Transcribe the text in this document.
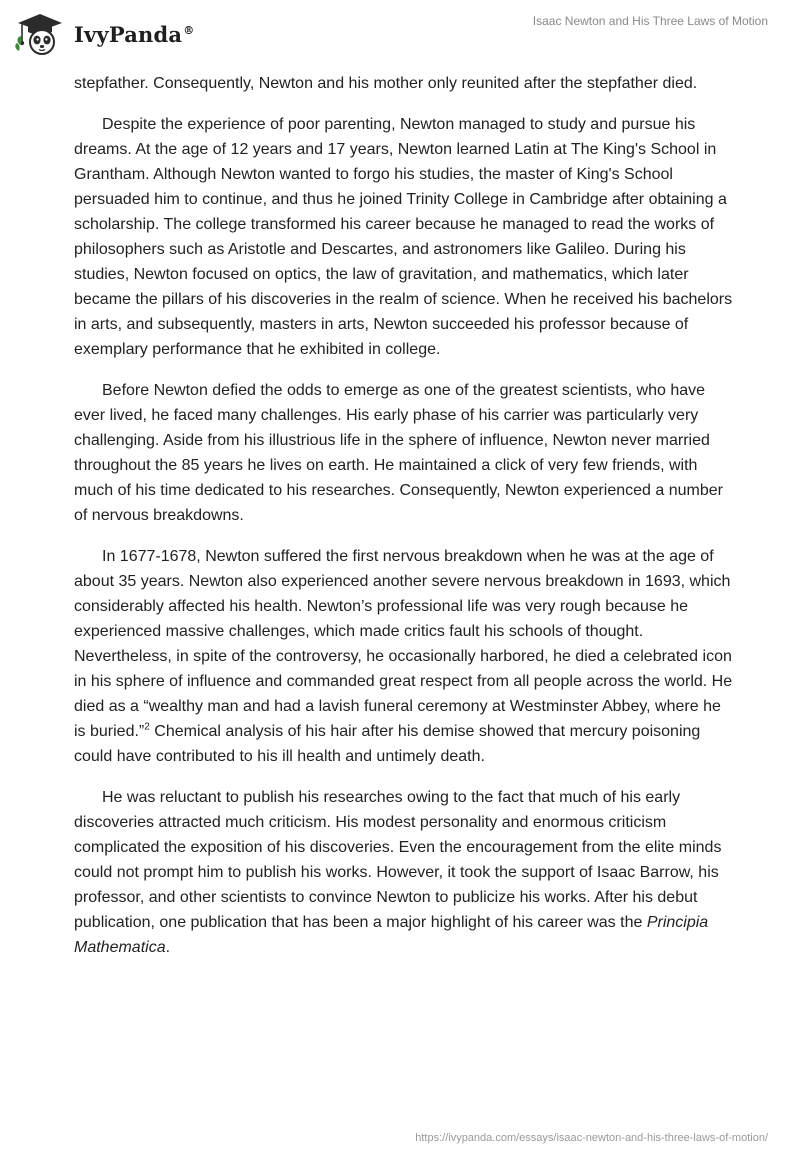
IvyPanda®
Isaac Newton and His Three Laws of Motion

stepfather. Consequently, Newton and his mother only reunited after the stepfather died.

Despite the experience of poor parenting, Newton managed to study and pursue his dreams. At the age of 12 years and 17 years, Newton learned Latin at The King's School in Grantham. Although Newton wanted to forgo his studies, the master of King's School persuaded him to continue, and thus he joined Trinity College in Cambridge after obtaining a scholarship. The college transformed his career because he managed to read the works of philosophers such as Aristotle and Descartes, and astronomers like Galileo. During his studies, Newton focused on optics, the law of gravitation, and mathematics, which later became the pillars of his discoveries in the realm of science. When he received his bachelors in arts, and subsequently, masters in arts, Newton succeeded his professor because of exemplary performance that he exhibited in college.

Before Newton defied the odds to emerge as one of the greatest scientists, who have ever lived, he faced many challenges. His early phase of his carrier was particularly very challenging. Aside from his illustrious life in the sphere of influence, Newton never married throughout the 85 years he lives on earth. He maintained a click of very few friends, with much of his time dedicated to his researches. Consequently, Newton experienced a number of nervous breakdowns.

In 1677-1678, Newton suffered the first nervous breakdown when he was at the age of about 35 years. Newton also experienced another severe nervous breakdown in 1693, which considerably affected his health. Newton’s professional life was very rough because he experienced massive challenges, which made critics fault his schools of thought. Nevertheless, in spite of the controversy, he occasionally harbored, he died a celebrated icon in his sphere of influence and commanded great respect from all people across the world. He died as a “wealthy man and had a lavish funeral ceremony at Westminster Abbey, where he is buried.”$^2$ Chemical analysis of his hair after his demise showed that mercury poisoning could have contributed to his ill health and untimely death.

He was reluctant to publish his researches owing to the fact that much of his early discoveries attracted much criticism. His modest personality and enormous criticism complicated the exposition of his discoveries. Even the encouragement from the elite minds could not prompt him to publish his works. However, it took the support of Isaac Barrow, his professor, and other scientists to convince Newton to publicize his works. After his debut publication, one publication that has been a major highlight of his career was the Principia Mathematica.

https://ivypanda.com/essays/isaac-newton-and-his-three-laws-of-motion/
